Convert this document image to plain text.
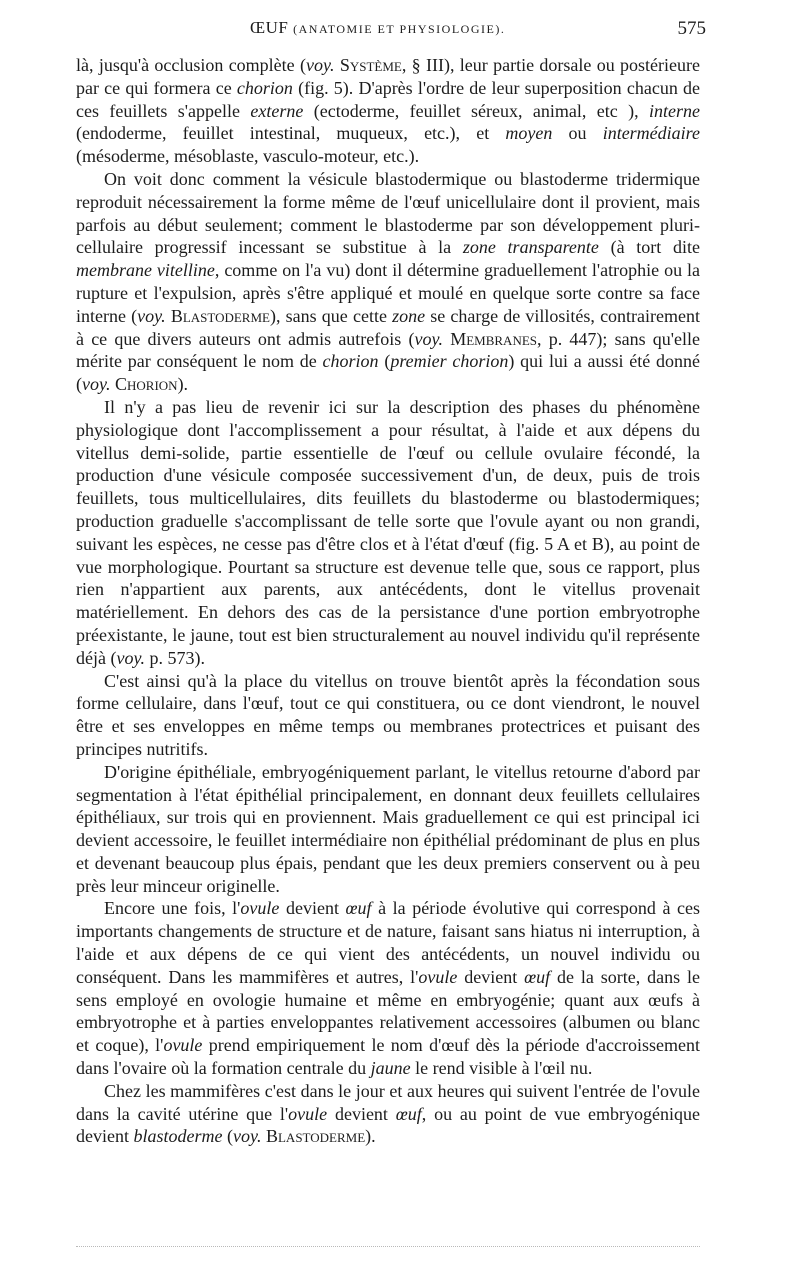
ŒUF (ANATOMIE ET PHYSIOLOGIE).	575

là, jusqu'à occlusion complète (voy. Système, § III), leur partie dorsale ou postérieure par ce qui formera ce chorion (fig. 5). D'après l'ordre de leur superposition chacun de ces feuillets s'appelle externe (ectoderme, feuillet séreux, animal, etc ), interne (endoderme, feuillet intestinal, muqueux, etc.), et moyen ou intermédiaire (mésoderme, mésoblaste, vasculo-moteur, etc.).

On voit donc comment la vésicule blastodermique ou blastoderme tridermique reproduit nécessairement la forme même de l'œuf unicellulaire dont il provient, mais parfois au début seulement; comment le blastoderme par son développement pluri-cellulaire progressif incessant se substitue à la zone transparente (à tort dite membrane vitelline, comme on l'a vu) dont il détermine graduellement l'atrophie ou la rupture et l'expulsion, après s'être appliqué et moulé en quelque sorte contre sa face interne (voy. Blastoderme), sans que cette zone se charge de villosités, contrairement à ce que divers auteurs ont admis autrefois (voy. Membranes, p. 447); sans qu'elle mérite par conséquent le nom de chorion (premier chorion) qui lui a aussi été donné (voy. Chorion).

Il n'y a pas lieu de revenir ici sur la description des phases du phénomène physiologique dont l'accomplissement a pour résultat, à l'aide et aux dépens du vitellus demi-solide, partie essentielle de l'œuf ou cellule ovulaire fécondé, la production d'une vésicule composée successivement d'un, de deux, puis de trois feuillets, tous multicellulaires, dits feuillets du blastoderme ou blastodermiques; production graduelle s'accomplissant de telle sorte que l'ovule ayant ou non grandi, suivant les espèces, ne cesse pas d'être clos et à l'état d'œuf (fig. 5 A et B), au point de vue morphologique. Pourtant sa structure est devenue telle que, sous ce rapport, plus rien n'appartient aux parents, aux antécédents, dont le vitellus provenait matériellement. En dehors des cas de la persistance d'une portion embryotrophe préexistante, le jaune, tout est bien structuralement au nouvel individu qu'il représente déjà (voy. p. 573).

C'est ainsi qu'à la place du vitellus on trouve bientôt après la fécondation sous forme cellulaire, dans l'œuf, tout ce qui constituera, ou ce dont viendront, le nouvel être et ses enveloppes en même temps ou membranes protectrices et puisant des principes nutritifs.

D'origine épithéliale, embryogéniquement parlant, le vitellus retourne d'abord par segmentation à l'état épithélial principalement, en donnant deux feuillets cellulaires épithéliaux, sur trois qui en proviennent. Mais graduellement ce qui est principal ici devient accessoire, le feuillet intermédiaire non épithélial prédominant de plus en plus et devenant beaucoup plus épais, pendant que les deux premiers conservent ou à peu près leur minceur originelle.

Encore une fois, l'ovule devient œuf à la période évolutive qui correspond à ces importants changements de structure et de nature, faisant sans hiatus ni interruption, à l'aide et aux dépens de ce qui vient des antécédents, un nouvel individu ou conséquent. Dans les mammifères et autres, l'ovule devient œuf de la sorte, dans le sens employé en ovologie humaine et même en embryogénie; quant aux œufs à embryotrophe et à parties enveloppantes relativement accessoires (albumen ou blanc et coque), l'ovule prend empiriquement le nom d'œuf dès la période d'accroissement dans l'ovaire où la formation centrale du jaune le rend visible à l'œil nu.

Chez les mammifères c'est dans le jour et aux heures qui suivent l'entrée de l'ovule dans la cavité utérine que l'ovule devient œuf, ou au point de vue embryogénique devient blastoderme (voy. Blastoderme).
